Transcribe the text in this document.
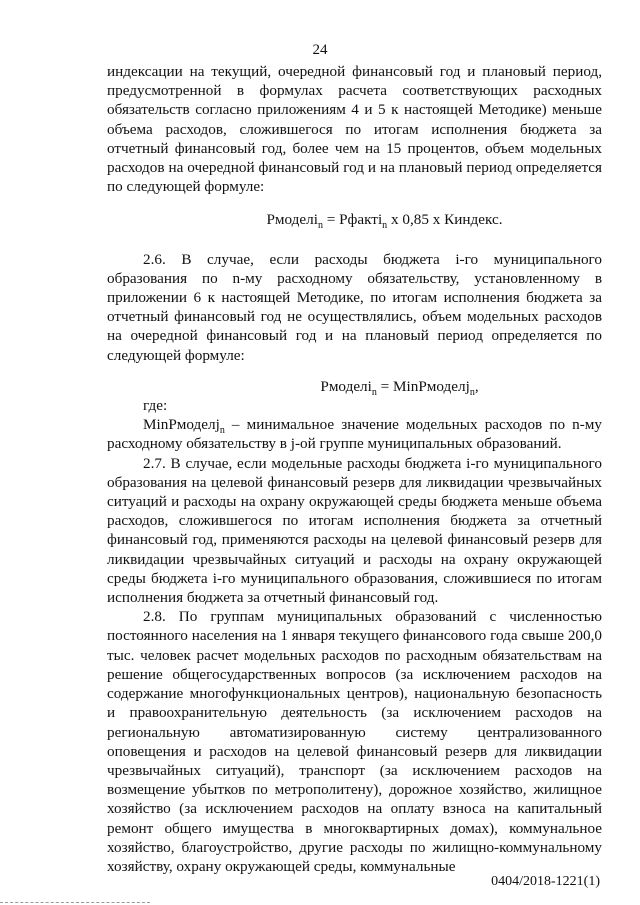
24

индексации на текущий, очередной финансовый год и плановый период, предусмотренной в формулах расчета соответствующих расходных обязательств согласно приложениям 4 и 5 к настоящей Методике) меньше объема расходов, сложившегося по итогам исполнения бюджета за отчетный финансовый год, более чем на 15 процентов, объем модельных расходов на очередной финансовый год и на плановый период определяется по следующей формуле:

Рмоделі$_n$ = Рфакті$_n$ х 0,85 х Киндекс.

2.6. В случае, если расходы бюджета і-го муниципального образования по n-му расходному обязательству, установленному в приложении 6 к настоящей Методике, по итогам исполнения бюджета за отчетный финансовый год не осуществлялись, объем модельных расходов на очередной финансовый год и на плановый период определяется по следующей формуле:

Рмоделі$_n$ = MinРмоделj$_n$,

где:

MinРмоделj$_n$ – минимальное значение модельных расходов по n-му расходному обязательству в j-ой группе муниципальных образований.

2.7. В случае, если модельные расходы бюджета і-го муниципального образования на целевой финансовый резерв для ликвидации чрезвычайных ситуаций и расходы на охрану окружающей среды бюджета меньше объема расходов, сложившегося по итогам исполнения бюджета за отчетный финансовый год, применяются расходы на целевой финансовый резерв для ликвидации чрезвычайных ситуаций и расходы на охрану окружающей среды бюджета і-го муниципального образования, сложившиеся по итогам исполнения бюджета за отчетный финансовый год.

2.8. По группам муниципальных образований с численностью постоянного населения на 1 января текущего финансового года свыше 200,0 тыс. человек расчет модельных расходов по расходным обязательствам на решение общегосударственных вопросов (за исключением расходов на содержание многофункциональных центров), национальную безопасность и правоохранительную деятельность (за исключением расходов на региональную автоматизированную систему централизованного оповещения и расходов на целевой финансовый резерв для ликвидации чрезвычайных ситуаций), транспорт (за исключением расходов на возмещение убытков по метрополитену), дорожное хозяйство, жилищное хозяйство (за исключением расходов на оплату взноса на капитальный ремонт общего имущества в многоквартирных домах), коммунальное хозяйство, благоустройство, другие расходы по жилищно-коммунальному хозяйству, охрану окружающей среды, коммунальные

0404/2018-1221(1)
